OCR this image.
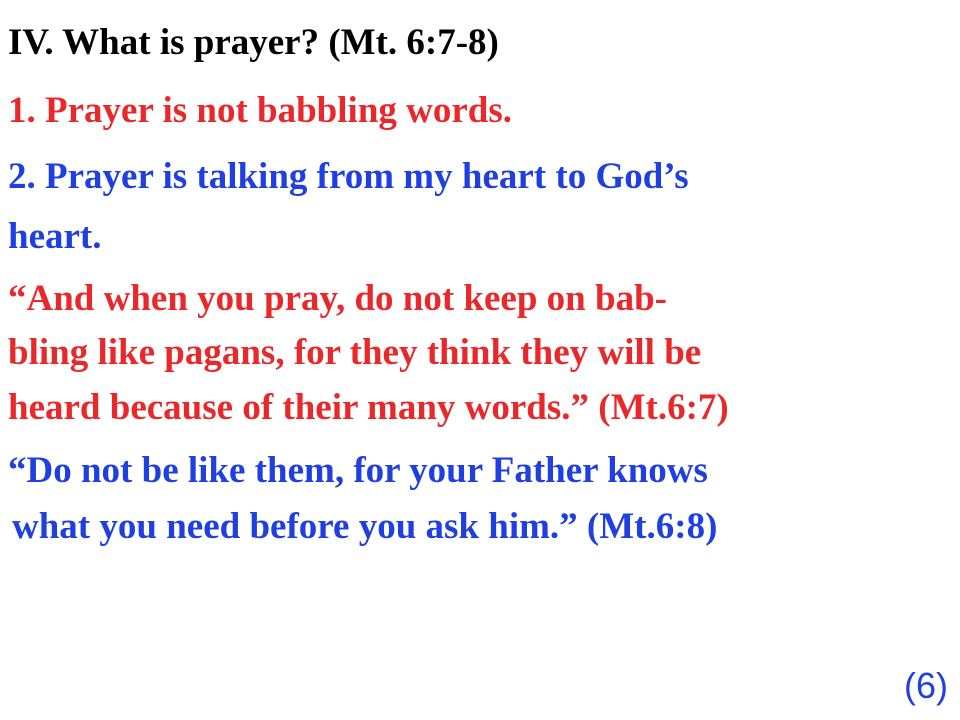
IV. What is prayer? (Mt. 6:7-8)

1. Prayer is not babbling words.

2. Prayer is talking from my heart to God’s

heart.

“And when you pray, do not keep on bab-

bling like pagans, for they think they will be

heard because of their many words.” (Mt.6:7)

“Do not be like them, for your Father knows

what you need before you ask him.” (Mt.6:8)

(6)
